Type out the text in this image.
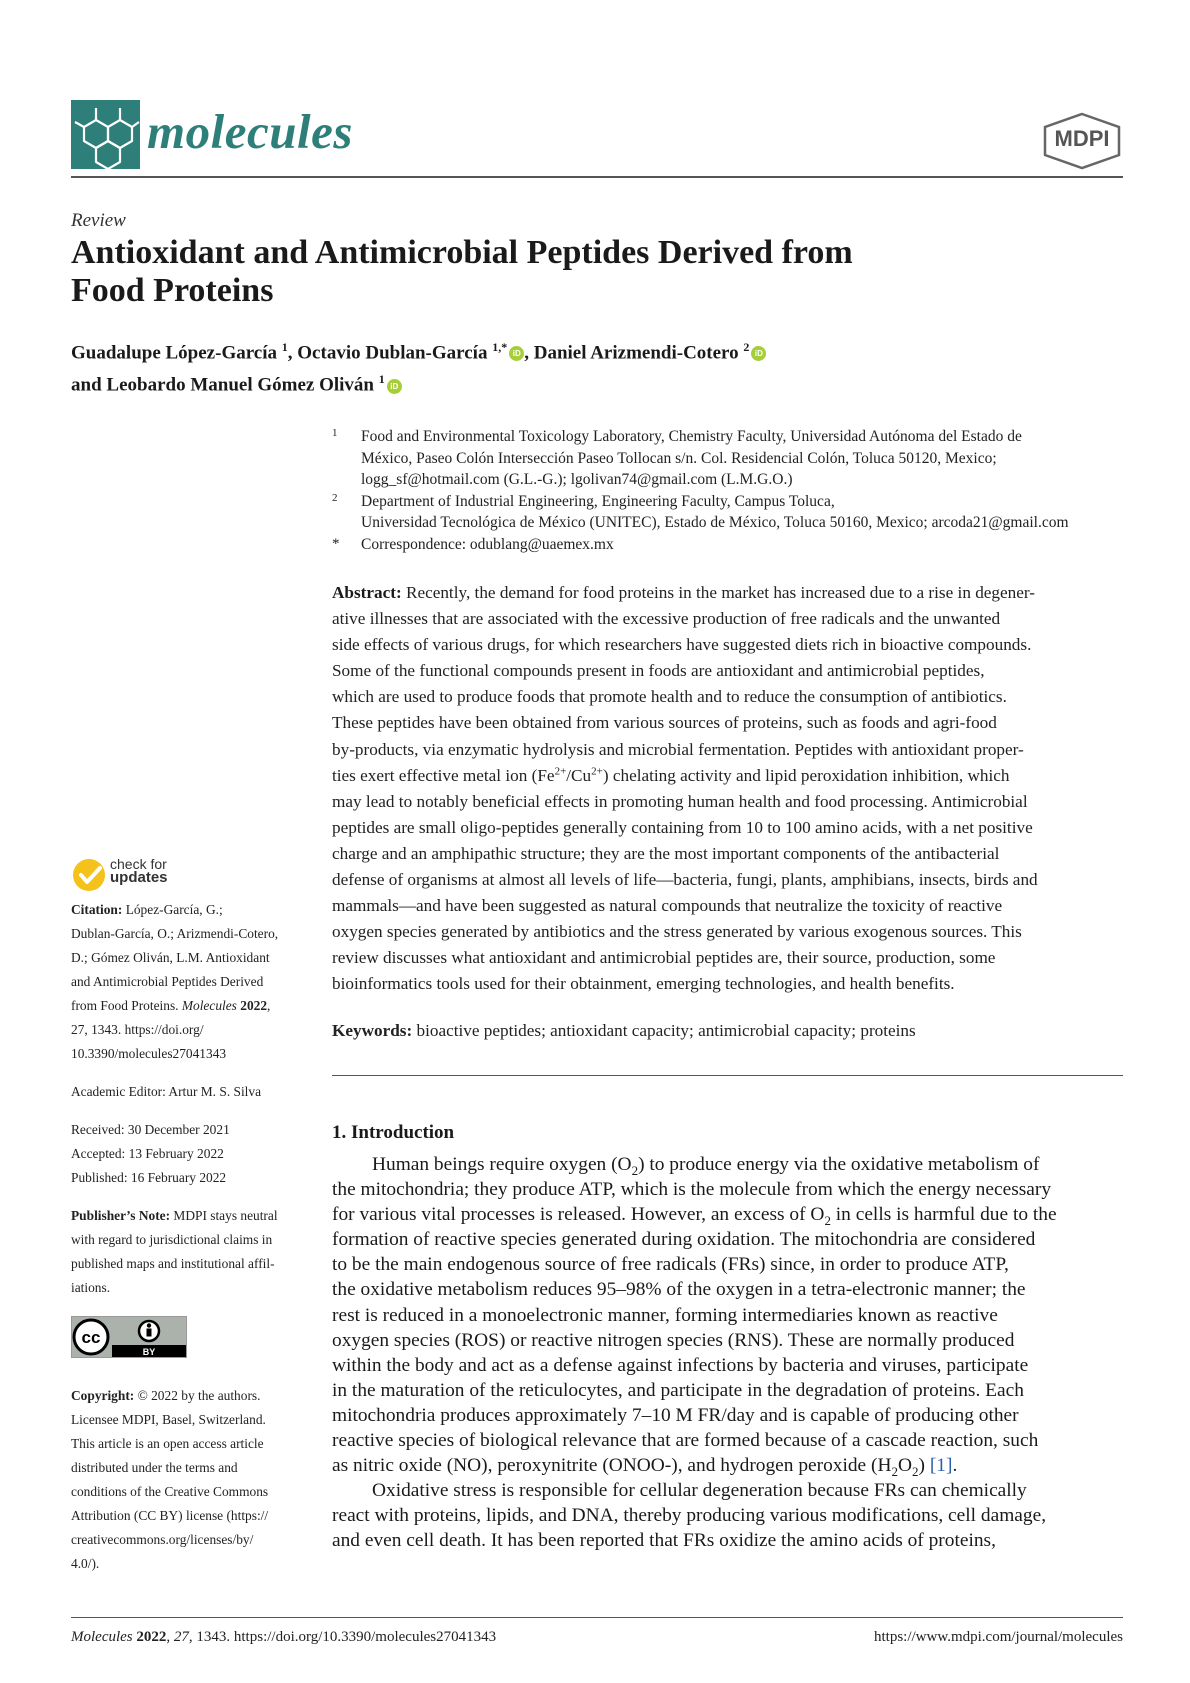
molecules	MDPI
Review
Antioxidant and Antimicrobial Peptides Derived from
Food Proteins
Guadalupe López-García $^1$, Octavio Dublan-García $^{1,*}$ iD , Daniel Arizmendi-Cotero $^2$ iD
and Leobardo Manuel Gómez Oliván $^1$ iD
1 Food and Environmental Toxicology Laboratory, Chemistry Faculty, Universidad Autónoma del Estado de
México, Paseo Colón Intersección Paseo Tollocan s/n. Col. Residencial Colón, Toluca 50120, Mexico;
logg_sf@hotmail.com (G.L.-G.); lgolivan74@gmail.com (L.M.G.O.)
2 Department of Industrial Engineering, Engineering Faculty, Campus Toluca,
Universidad Tecnológica de México (UNITEC), Estado de México, Toluca 50160, Mexico; arcoda21@gmail.com
* Correspondence: odublang@uaemex.mx
Abstract: Recently, the demand for food proteins in the market has increased due to a rise in degener-
ative illnesses that are associated with the excessive production of free radicals and the unwanted
side effects of various drugs, for which researchers have suggested diets rich in bioactive compounds.
Some of the functional compounds present in foods are antioxidant and antimicrobial peptides,
which are used to produce foods that promote health and to reduce the consumption of antibiotics.
These peptides have been obtained from various sources of proteins, such as foods and agri-food
by-products, via enzymatic hydrolysis and microbial fermentation. Peptides with antioxidant proper-
ties exert effective metal ion $(Fe^{2+}/Cu^{2+})$ chelating activity and lipid peroxidation inhibition, which
may lead to notably beneficial effects in promoting human health and food processing. Antimicrobial
peptides are small oligo-peptides generally containing from 10 to 100 amino acids, with a net positive
charge and an amphipathic structure; they are the most important components of the antibacterial
defense of organisms at almost all levels of life—bacteria, fungi, plants, amphibians, insects, birds and
mammals—and have been suggested as natural compounds that neutralize the toxicity of reactive
oxygen species generated by antibiotics and the stress generated by various exogenous sources. This
review discusses what antioxidant and antimicrobial peptides are, their source, production, some
bioinformatics tools used for their obtainment, emerging technologies, and health benefits.
Keywords: bioactive peptides; antioxidant capacity; antimicrobial capacity; proteins
1. Introduction
Human beings require oxygen $(O_2)$ to produce energy via the oxidative metabolism of
the mitochondria; they produce ATP, which is the molecule from which the energy necessary
for various vital processes is released. However, an excess of $O_2$ in cells is harmful due to the
formation of reactive species generated during oxidation. The mitochondria are considered
to be the main endogenous source of free radicals (FRs) since, in order to produce ATP,
the oxidative metabolism reduces 95–98% of the oxygen in a tetra-electronic manner; the
rest is reduced in a monoelectronic manner, forming intermediaries known as reactive
oxygen species (ROS) or reactive nitrogen species (RNS). These are normally produced
within the body and act as a defense against infections by bacteria and viruses, participate
in the maturation of the reticulocytes, and participate in the degradation of proteins. Each
mitochondria produces approximately 7–10 M FR/day and is capable of producing other
reactive species of biological relevance that are formed because of a cascade reaction, such
as nitric oxide (NO), peroxynitrite (ONOO-), and hydrogen peroxide $(H_2O_2)$ [1].
Oxidative stress is responsible for cellular degeneration because FRs can chemically
react with proteins, lipids, and DNA, thereby producing various modifications, cell damage,
and even cell death. It has been reported that FRs oxidize the amino acids of proteins,
check for
updates
Citation: López-García, G.;
Dublan-García, O.; Arizmendi-Cotero,
D.; Gómez Oliván, L.M. Antioxidant
and Antimicrobial Peptides Derived
from Food Proteins. Molecules 2022,
27, 1343. https://doi.org/
10.3390/molecules27041343

Academic Editor: Artur M. S. Silva

Received: 30 December 2021

Accepted: 13 February 2022

Published: 16 February 2022

Publisher’s Note: MDPI stays neutral
with regard to jurisdictional claims in
published maps and institutional affil-
iations.
Copyright: © 2022 by the authors.
Licensee MDPI, Basel, Switzerland.
This article is an open access article
distributed under the terms and
conditions of the Creative Commons
Attribution (CC BY) license (https://
creativecommons.org/licenses/by/
4.0/).
cc
BY
Molecules 2022, 27, 1343. https://doi.org/10.3390/molecules27041343	https://www.mdpi.com/journal/molecules
